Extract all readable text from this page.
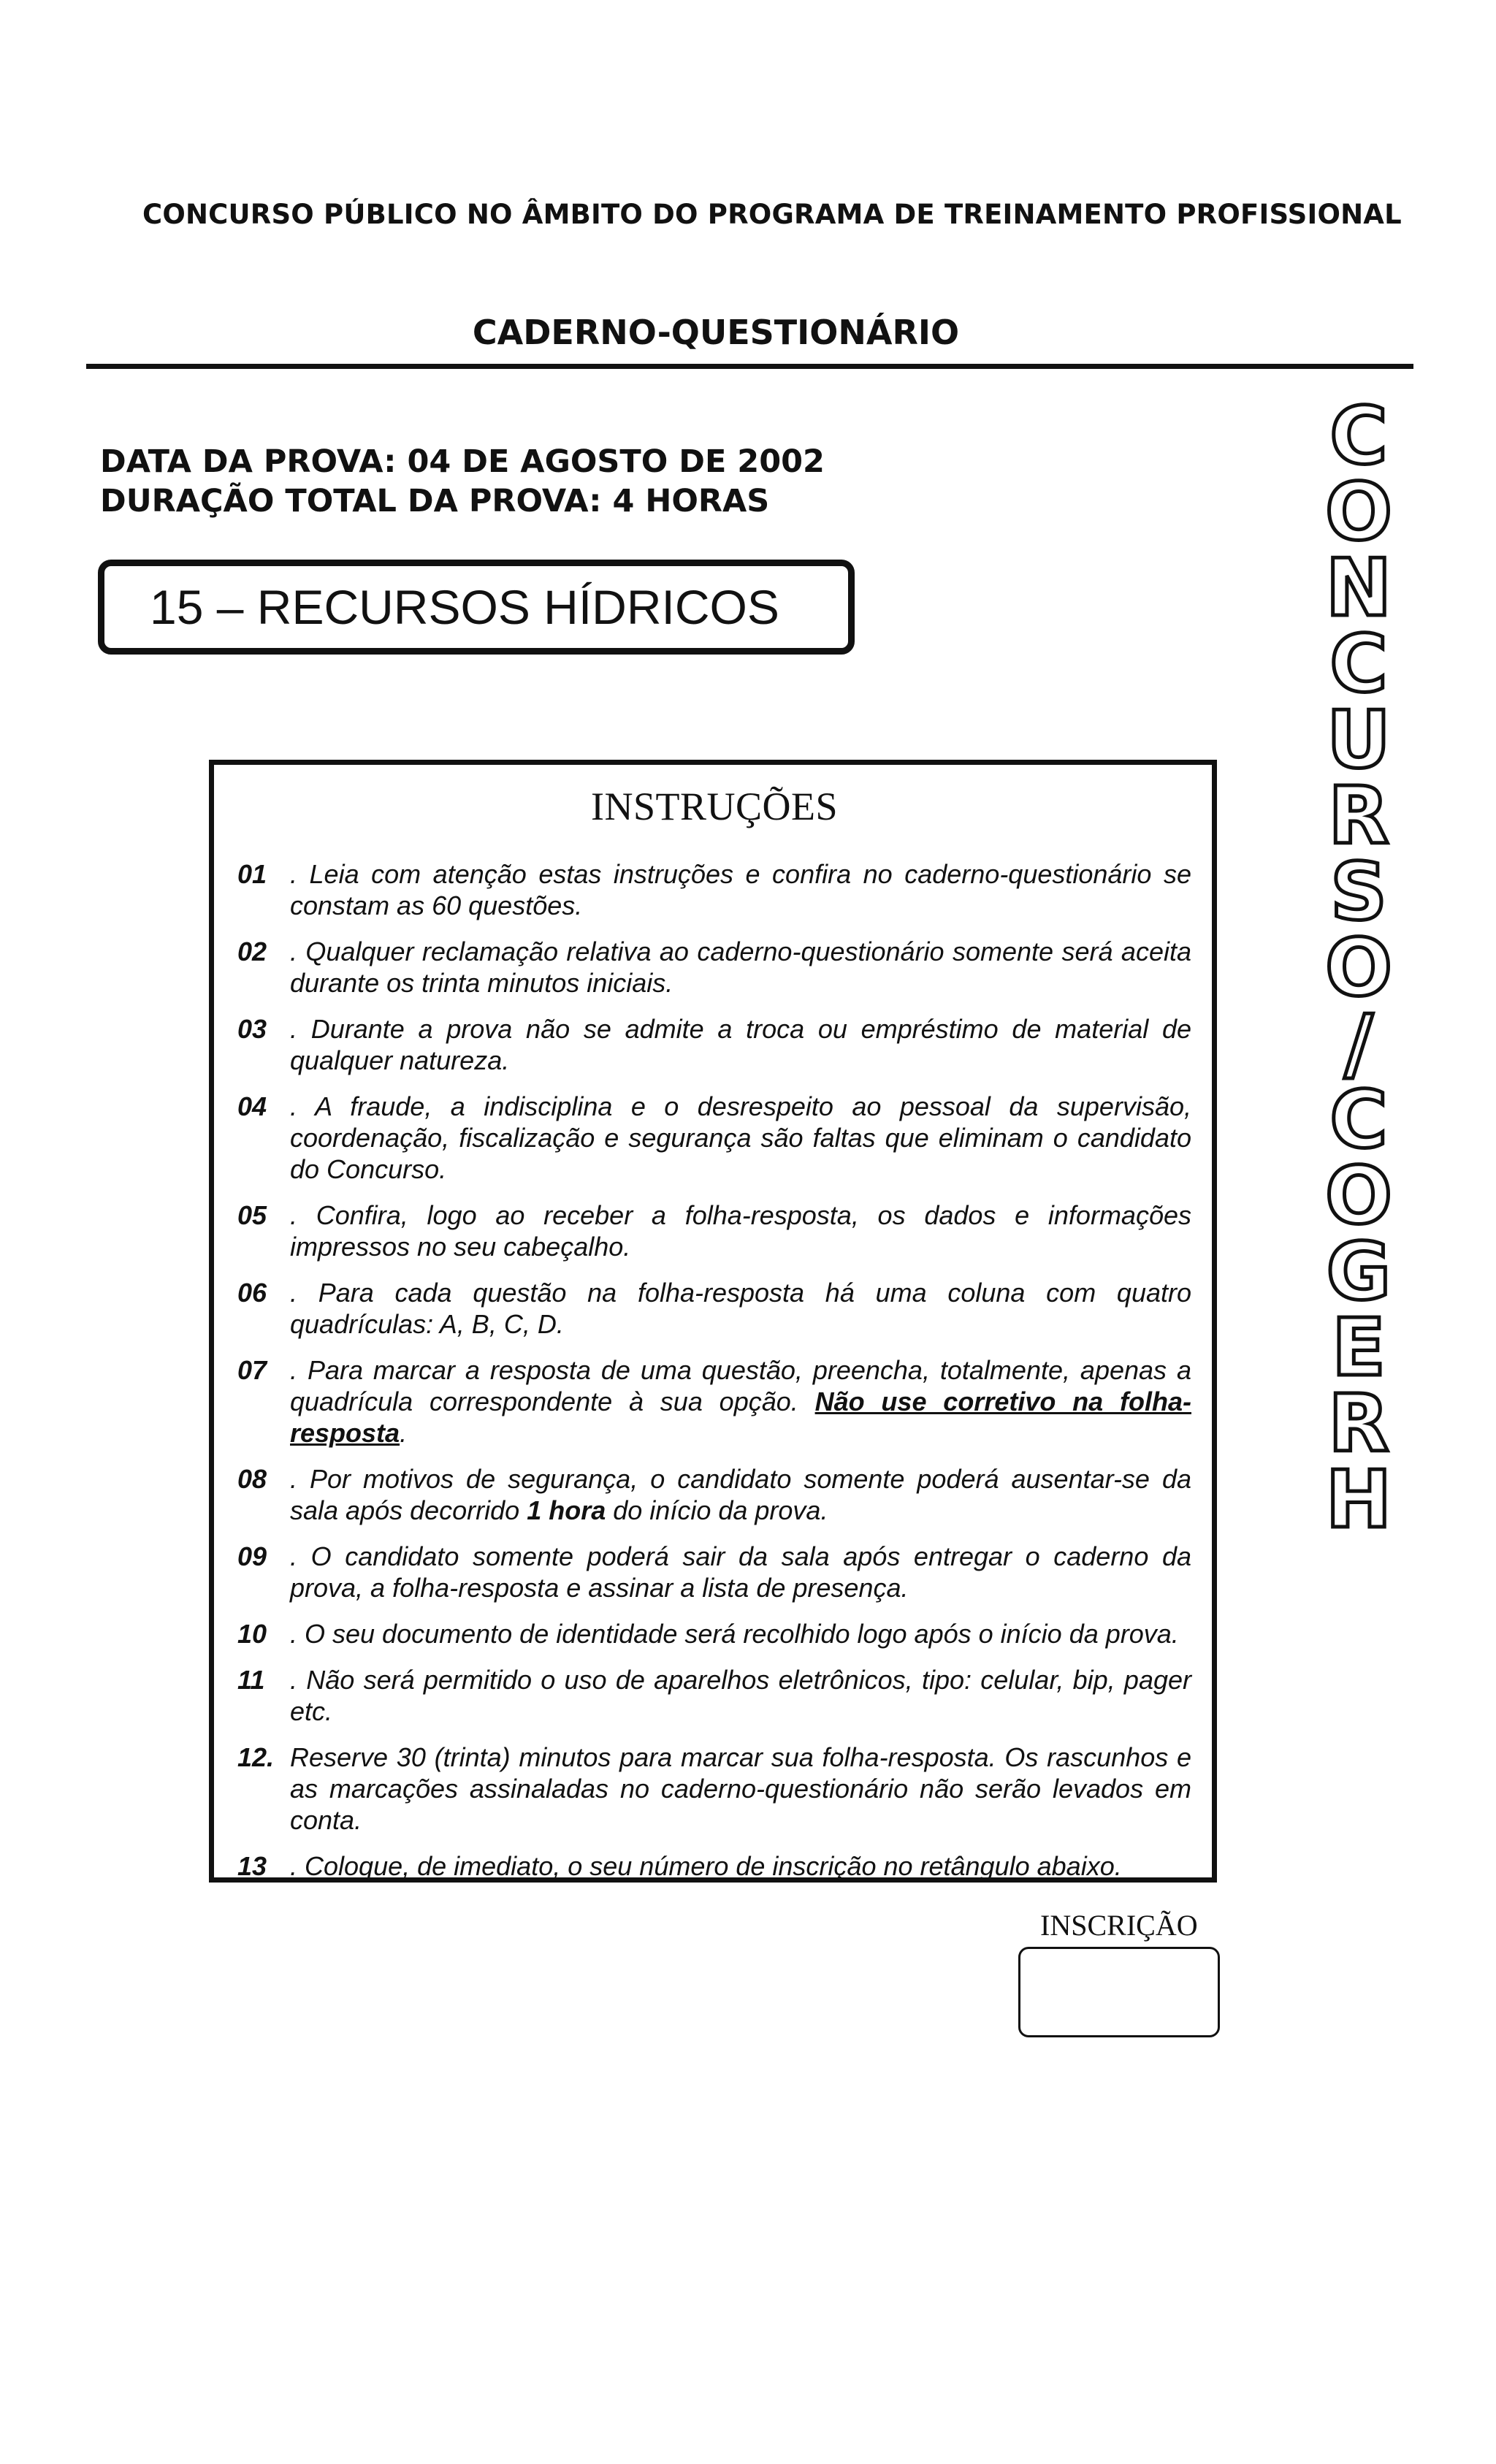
CONCURSO PÚBLICO NO ÂMBITO DO PROGRAMA DE TREINAMENTO PROFISSIONAL
CADERNO-QUESTIONÁRIO
DATA DA PROVA: 04 DE AGOSTO DE 2002
DURAÇÃO TOTAL DA PROVA: 4 HORAS
15 – RECURSOS HÍDRICOS
INSTRUÇÕES
01 . Leia com atenção estas instruções e confira no caderno-questionário se constam as 60 questões.
02 . Qualquer reclamação relativa ao caderno-questionário somente será aceita durante os trinta minutos iniciais.
03 . Durante a prova não se admite a troca ou empréstimo de material de qualquer natureza.
04 . A fraude, a indisciplina e o desrespeito ao pessoal da supervisão, coordenação, fiscalização e segurança são faltas que eliminam o candidato do Concurso.
05 . Confira, logo ao receber a folha-resposta, os dados e informações impressos no seu cabeçalho.
06 . Para cada questão na folha-resposta há uma coluna com quatro quadrículas: A, B, C, D.
07 . Para marcar a resposta de uma questão, preencha, totalmente, apenas a quadrícula correspondente à sua opção. Não use corretivo na folha-resposta.
08 . Por motivos de segurança, o candidato somente poderá ausentar-se da sala após decorrido 1 hora do início da prova.
09 . O candidato somente poderá sair da sala após entregar o caderno da prova, a folha-resposta e assinar a lista de presença.
10 . O seu documento de identidade será recolhido logo após o início da prova.
11 . Não será permitido o uso de aparelhos eletrônicos, tipo: celular, bip, pager etc.
12. Reserve 30 (trinta) minutos para marcar sua folha-resposta. Os rascunhos e as marcações assinaladas no caderno-questionário não serão levados em conta.
13 . Coloque, de imediato, o seu número de inscrição no retângulo abaixo.
C
O
N
C
U
R
S
O
/
C
O
G
E
R
H
INSCRIÇÃO
